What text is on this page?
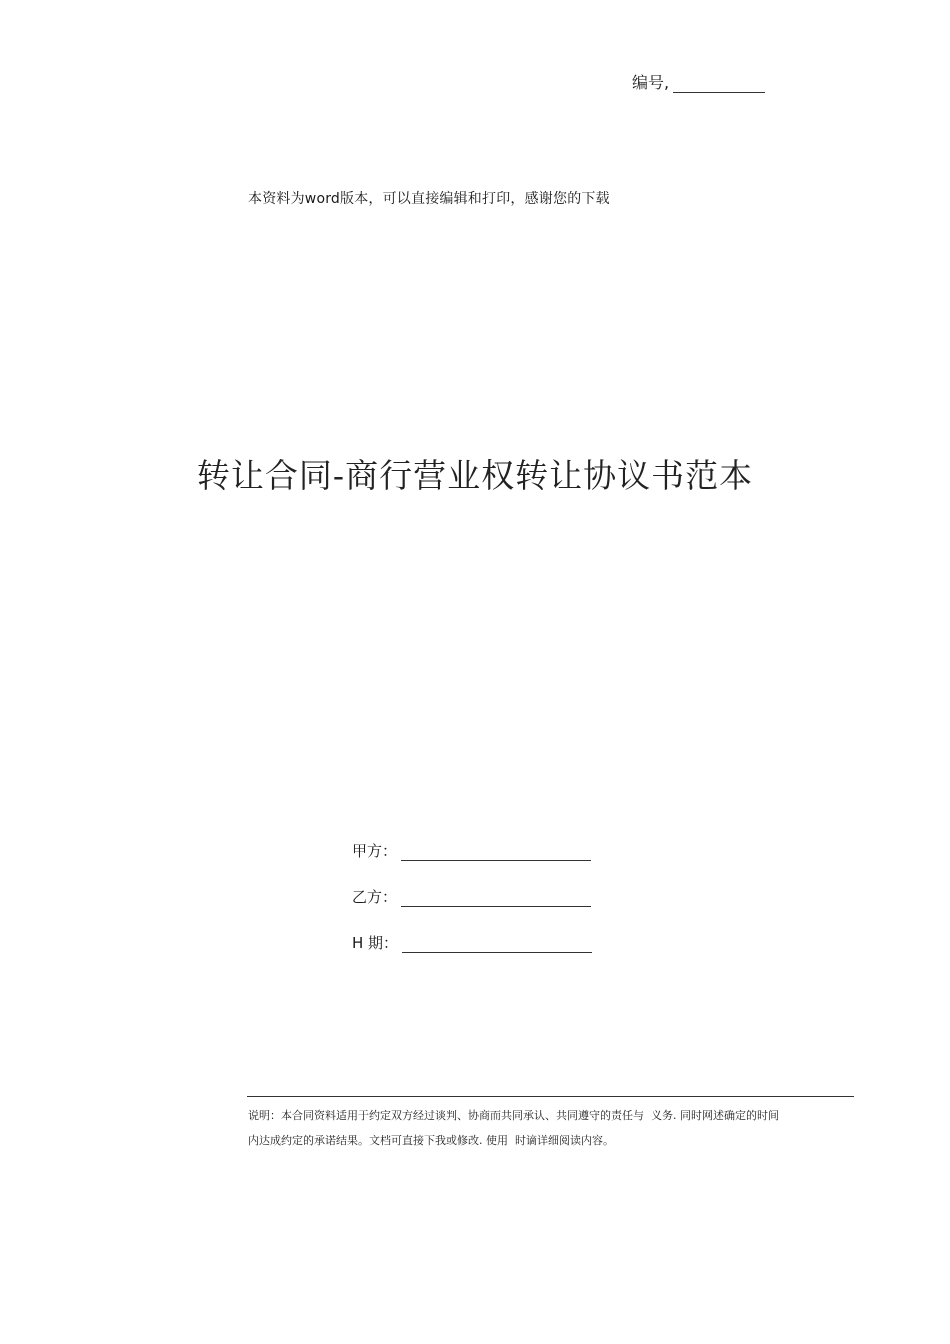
编号,
本资料为word版本，可以直接编辑和打印，感谢您的下载
转让合同-商行营业权转让协议书范本
甲方：
乙方：
H 期：
说明：本合同资料适用于约定双方经过谈判、协商而共同承认、共同遵守的责任与  义务. 同时网述确定的时间
内达成约定的承诺结果。文档可直接下我或修改. 使用  时谪详细阅读内容。
